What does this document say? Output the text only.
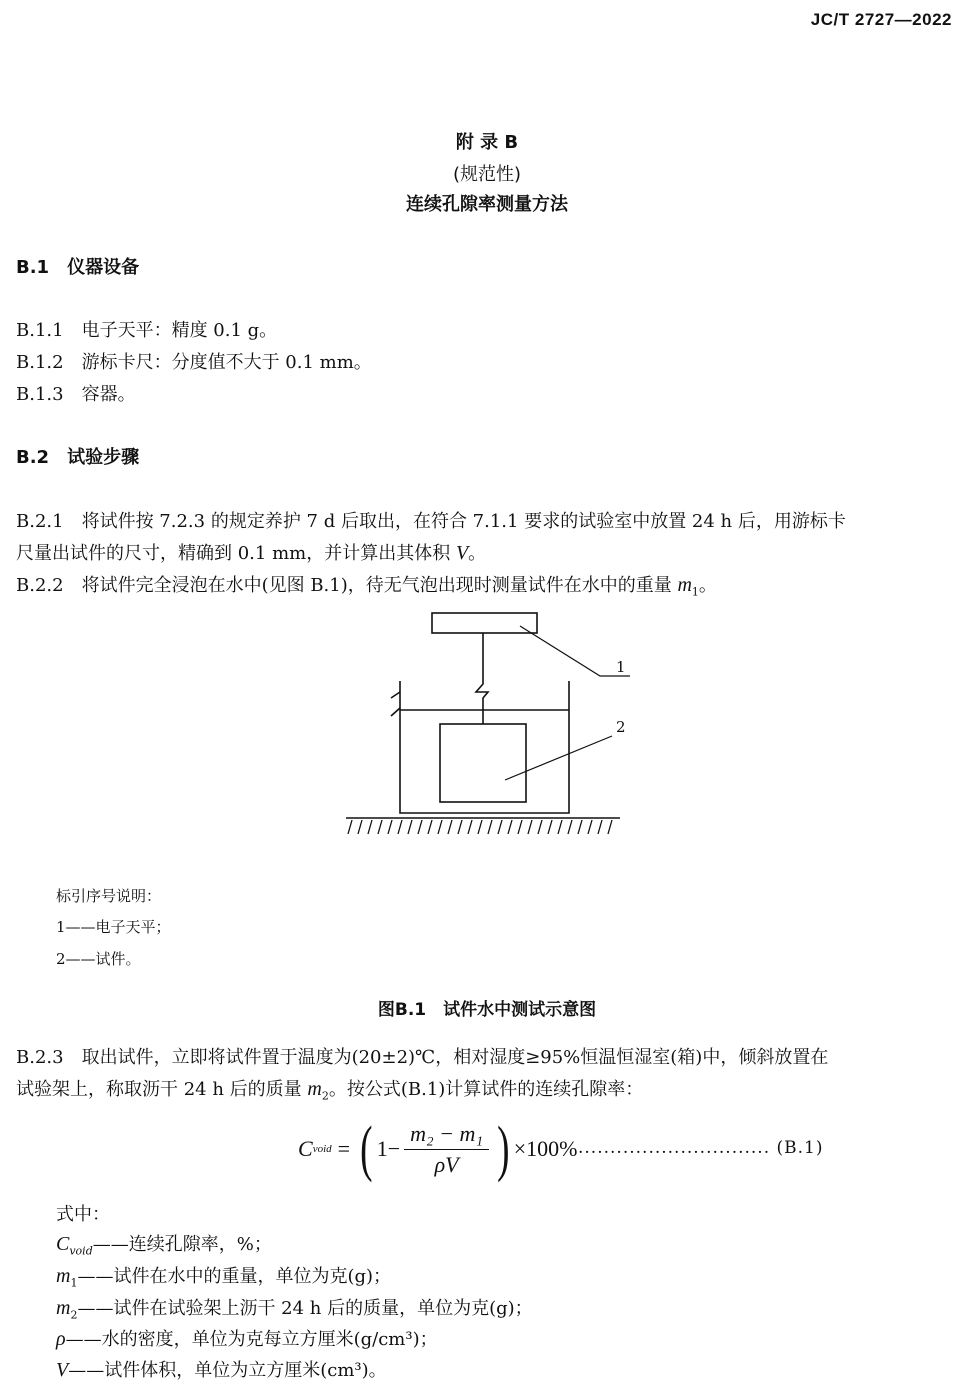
JC/T 2727—2022
附 录 B
(规范性)
连续孔隙率测量方法
B.1　仪器设备
B.1.1　电子天平：精度 0.1 g。
B.1.2　游标卡尺：分度值不大于 0.1 mm。
B.1.3　容器。
B.2　试验步骤
B.2.1　将试件按 7.2.3 的规定养护 7 d 后取出，在符合 7.1.1 要求的试验室中放置 24 h 后，用游标卡
尺量出试件的尺寸，精确到 0.1 mm，并计算出其体积 V。
B.2.2　将试件完全浸泡在水中(见图 B.1)，待无气泡出现时测量试件在水中的重量 $m_1$。
1
2
标引序号说明：
1——电子天平；
2——试件。
图B.1　试件水中测试示意图
B.2.3　取出试件，立即将试件置于温度为(20±2)℃，相对湿度≥95%恒温恒湿室(箱)中，倾斜放置在
试验架上，称取沥干 24 h 后的质量 $m_2$。按公式(B.1)计算试件的连续孔隙率：
C void = ( $1- \frac{\text{m₂ − m₁}}{\rho V}$ ) ×100% .............................. (B.1)
式中：
$C_{void}——$连续孔隙率，%；
$m_1——$试件在水中的重量，单位为克(g)；
$m_2——$试件在试验架上沥干 24 h 后的质量，单位为克(g)；
ρ——水的密度，单位为克每立方厘米(g/cm³)；
V——试件体积，单位为立方厘米(cm³)。
